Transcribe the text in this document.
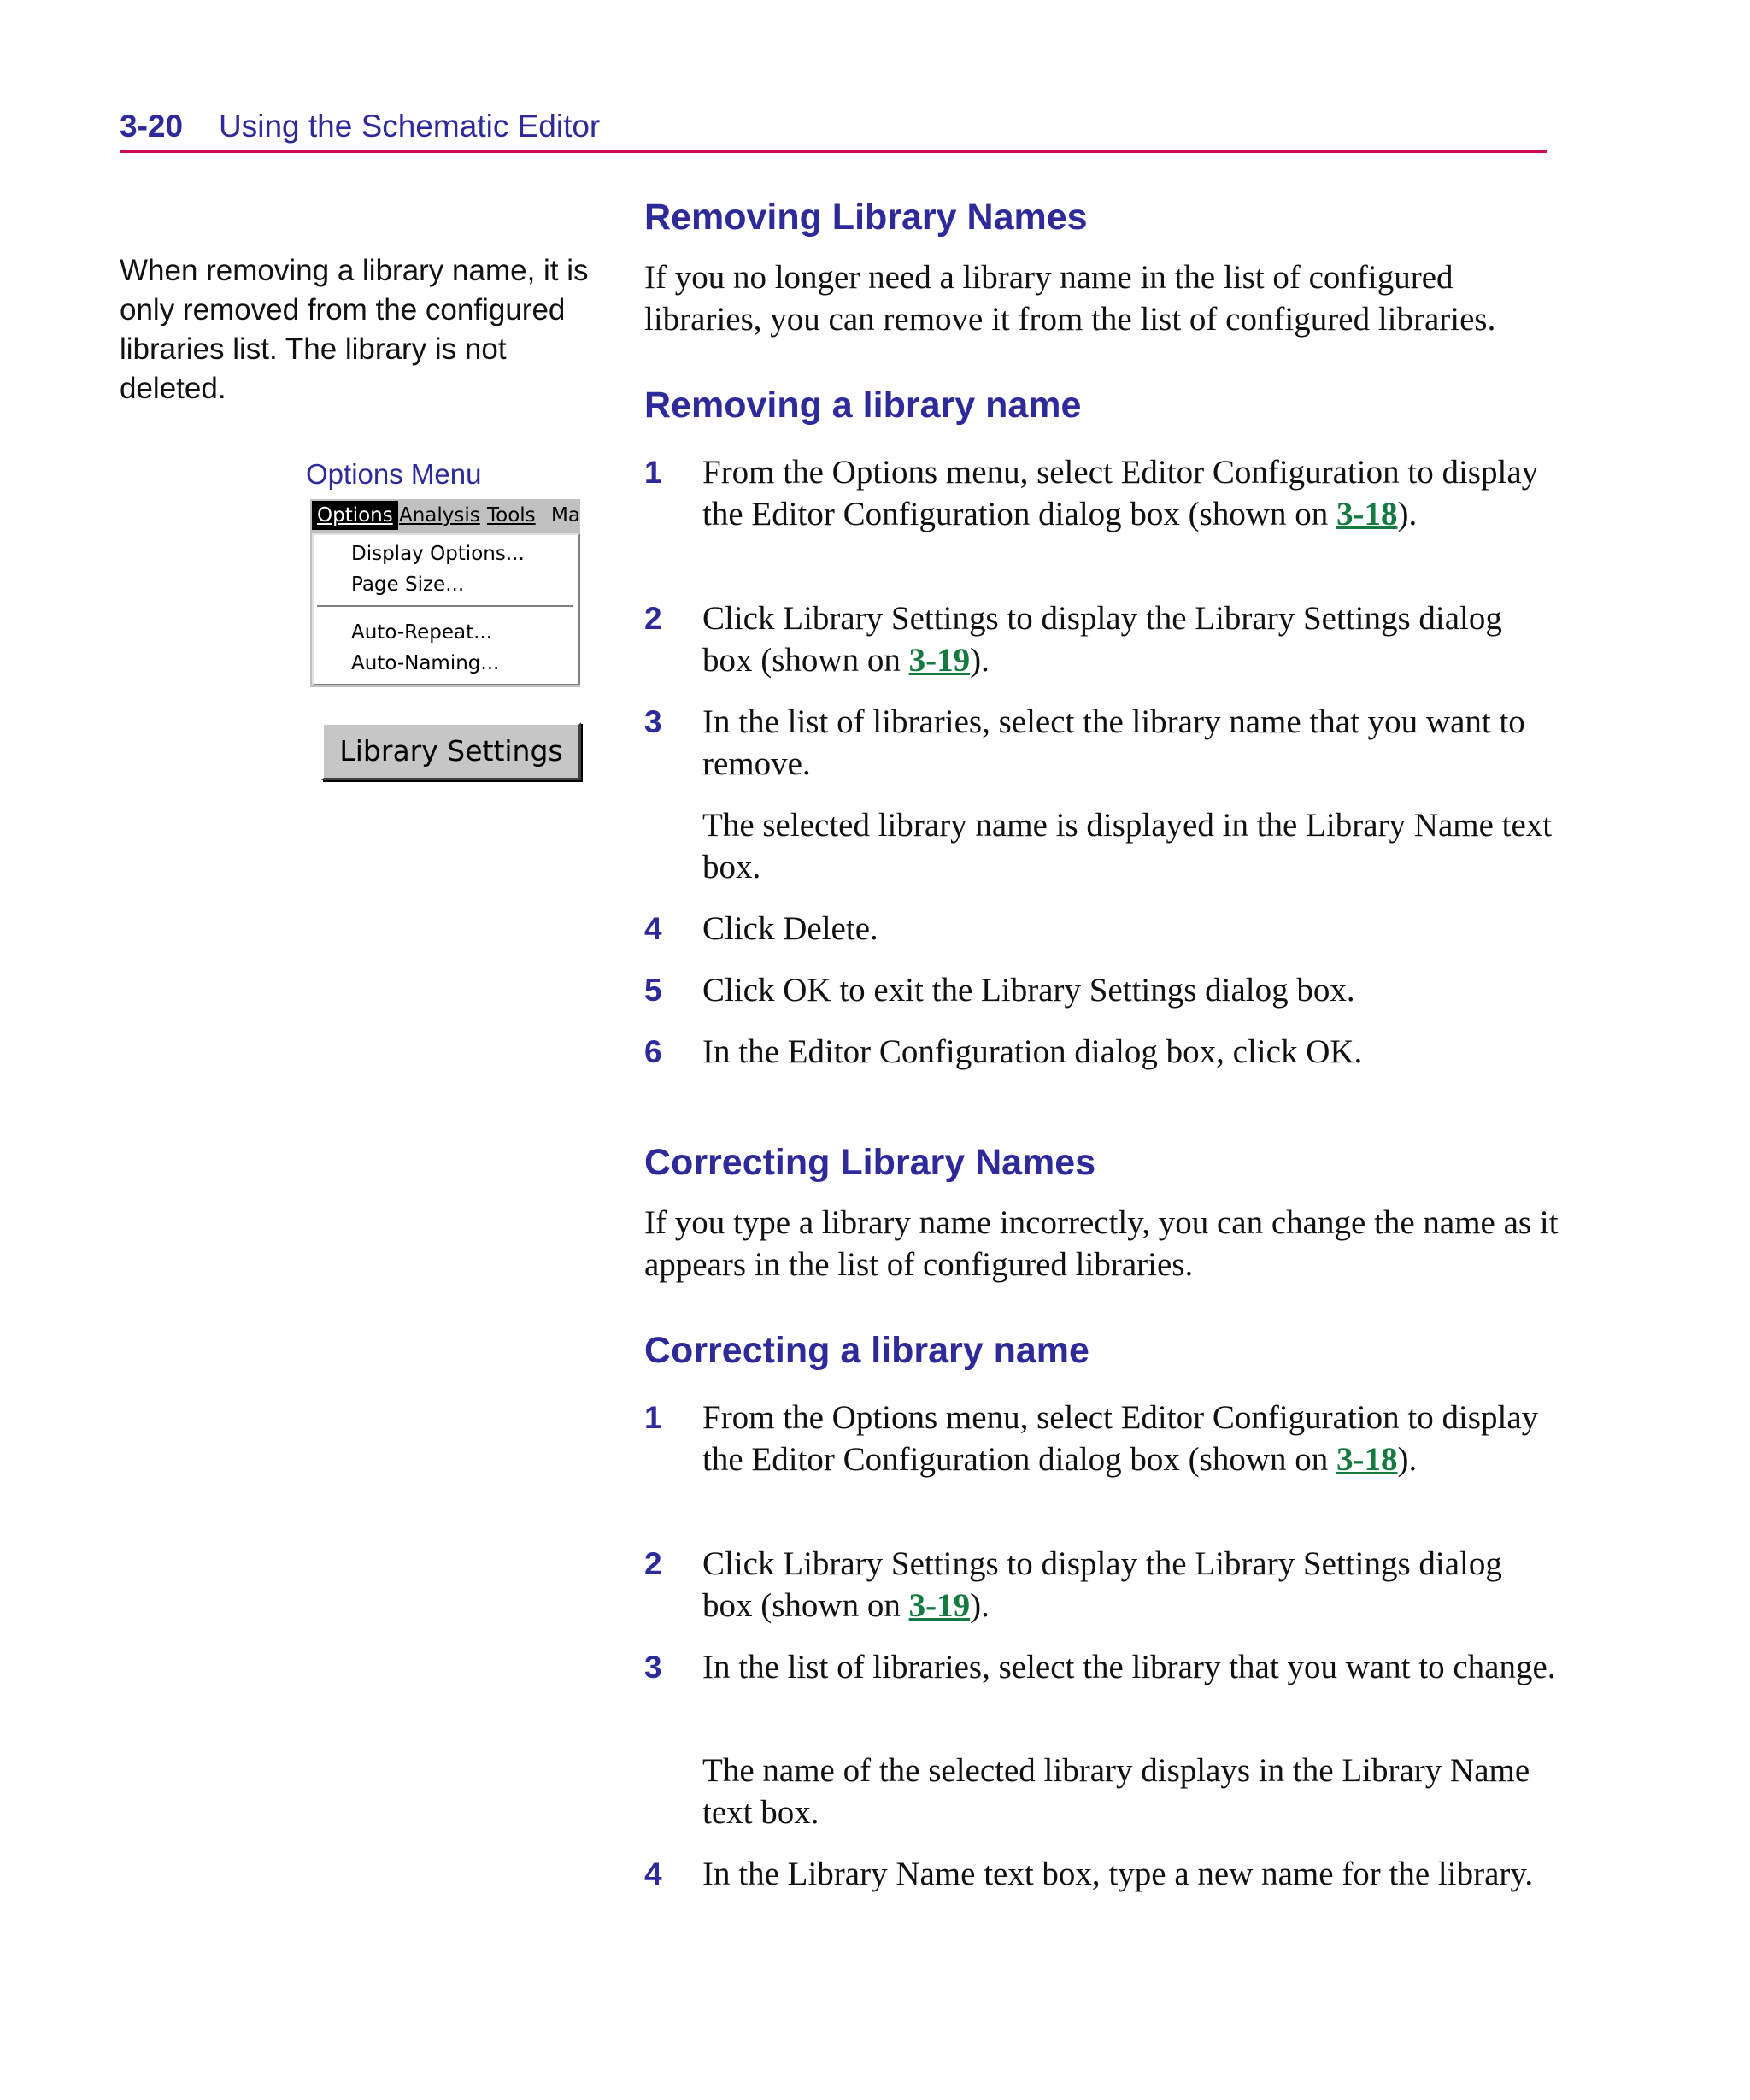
3-20 Using the Schematic Editor
When removing a library name, it is only removed from the configured libraries list. The library is not deleted.
Options Menu
Options Analysis Tools Ma
Display Options...
Page Size...
Auto-Repeat...
Auto-Naming...
Library Settings
Removing Library Names
If you no longer need a library name in the list of configured libraries, you can remove it from the list of configured libraries.
Removing a library name
1 From the Options menu, select Editor Configuration to display the Editor Configuration dialog box (shown on 3-18).
2 Click Library Settings to display the Library Settings dialog box (shown on 3-19).
3 In the list of libraries, select the library name that you want to remove.
The selected library name is displayed in the Library Name text box.
4 Click Delete.
5 Click OK to exit the Library Settings dialog box.
6 In the Editor Configuration dialog box, click OK.
Correcting Library Names
If you type a library name incorrectly, you can change the name as it appears in the list of configured libraries.
Correcting a library name
1 From the Options menu, select Editor Configuration to display the Editor Configuration dialog box (shown on 3-18).
2 Click Library Settings to display the Library Settings dialog box (shown on 3-19).
3 In the list of libraries, select the library that you want to change.
The name of the selected library displays in the Library Name text box.
4 In the Library Name text box, type a new name for the library.
